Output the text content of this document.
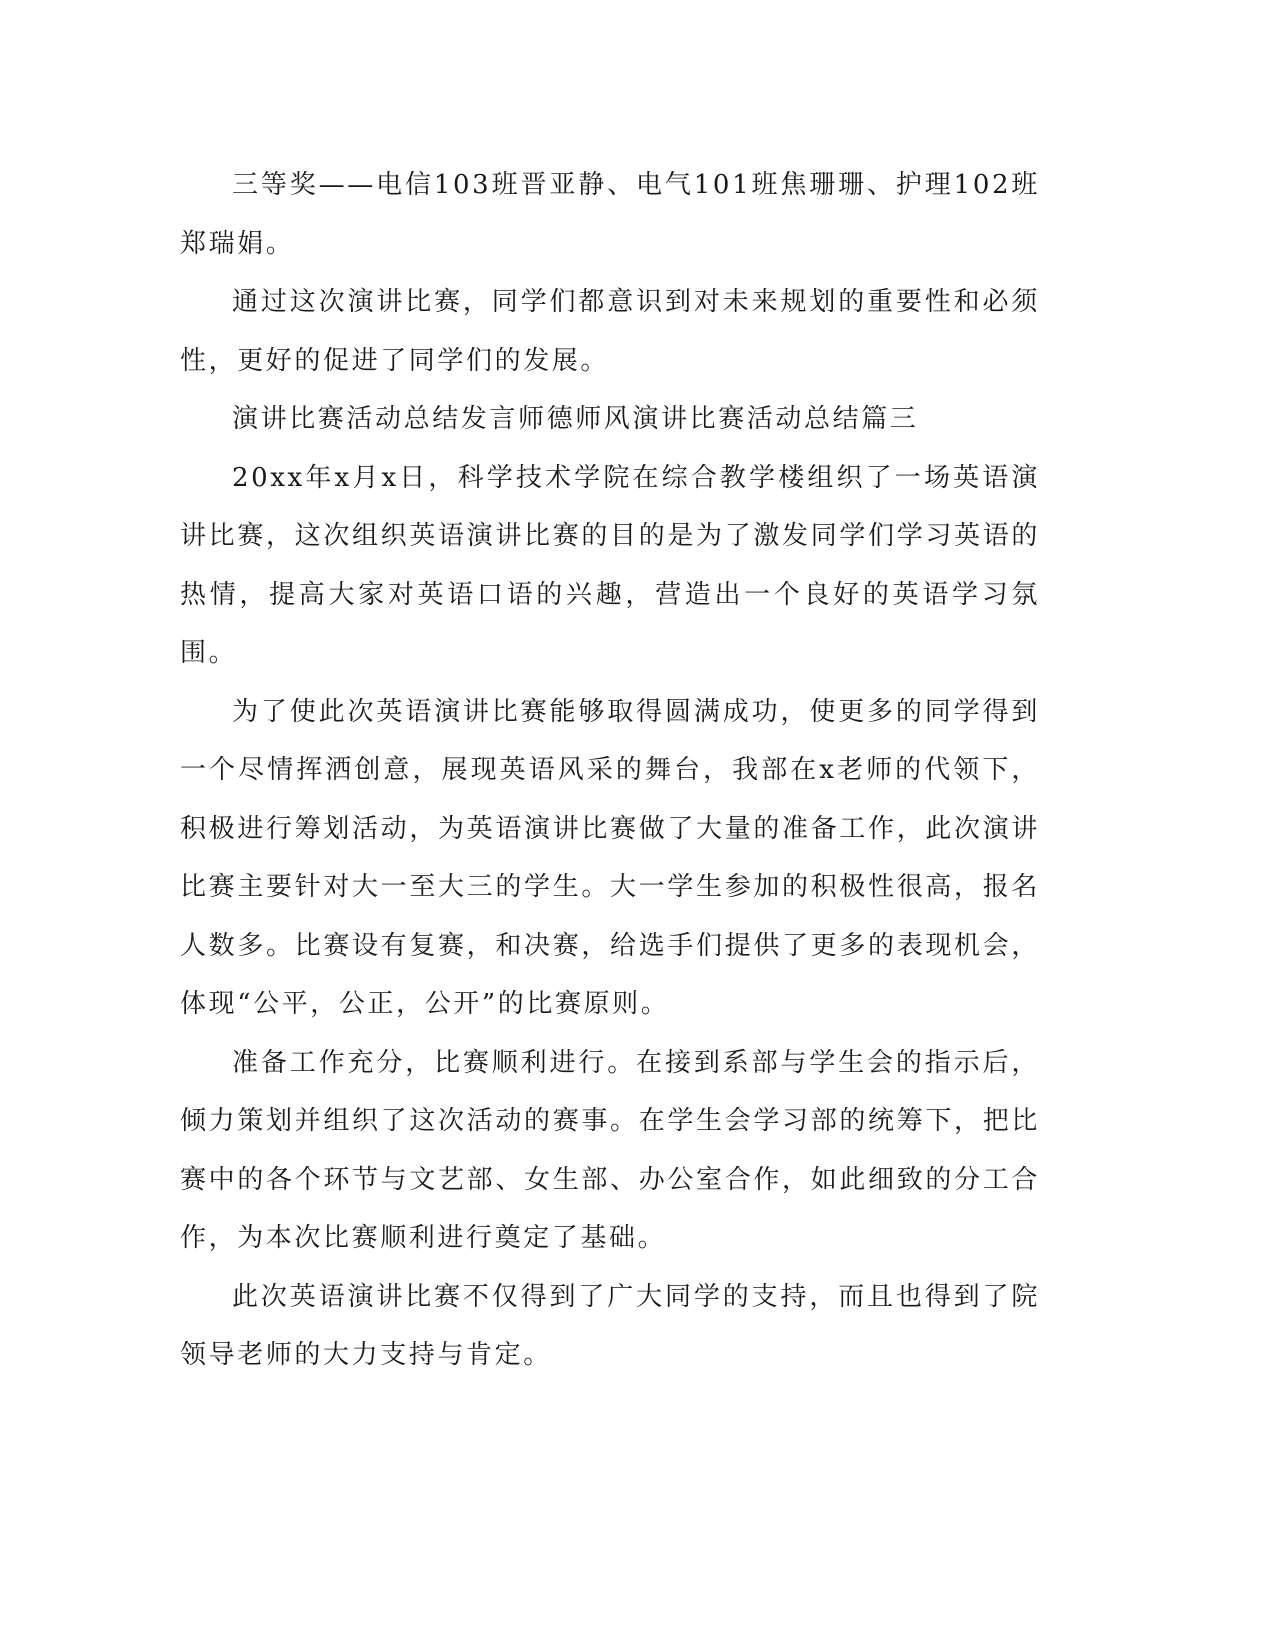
三等奖——电信103班晋亚静、电气101班焦珊珊、护理102班郑瑞娟。

通过这次演讲比赛，同学们都意识到对未来规划的重要性和必须性，更好的促进了同学们的发展。

演讲比赛活动总结发言师德师风演讲比赛活动总结篇三

20xx年x月x日，科学技术学院在综合教学楼组织了一场英语演讲比赛，这次组织英语演讲比赛的目的是为了激发同学们学习英语的热情，提高大家对英语口语的兴趣，营造出一个良好的英语学习氛围。

为了使此次英语演讲比赛能够取得圆满成功，使更多的同学得到一个尽情挥洒创意，展现英语风采的舞台，我部在x老师的代领下，积极进行筹划活动，为英语演讲比赛做了大量的准备工作，此次演讲比赛主要针对大一至大三的学生。大一学生参加的积极性很高，报名人数多。比赛设有复赛，和决赛，给选手们提供了更多的表现机会，体现“公平，公正，公开”的比赛原则。

准备工作充分，比赛顺利进行。在接到系部与学生会的指示后，倾力策划并组织了这次活动的赛事。在学生会学习部的统筹下，把比赛中的各个环节与文艺部、女生部、办公室合作，如此细致的分工合作，为本次比赛顺利进行奠定了基础。

此次英语演讲比赛不仅得到了广大同学的支持，而且也得到了院领导老师的大力支持与肯定。
